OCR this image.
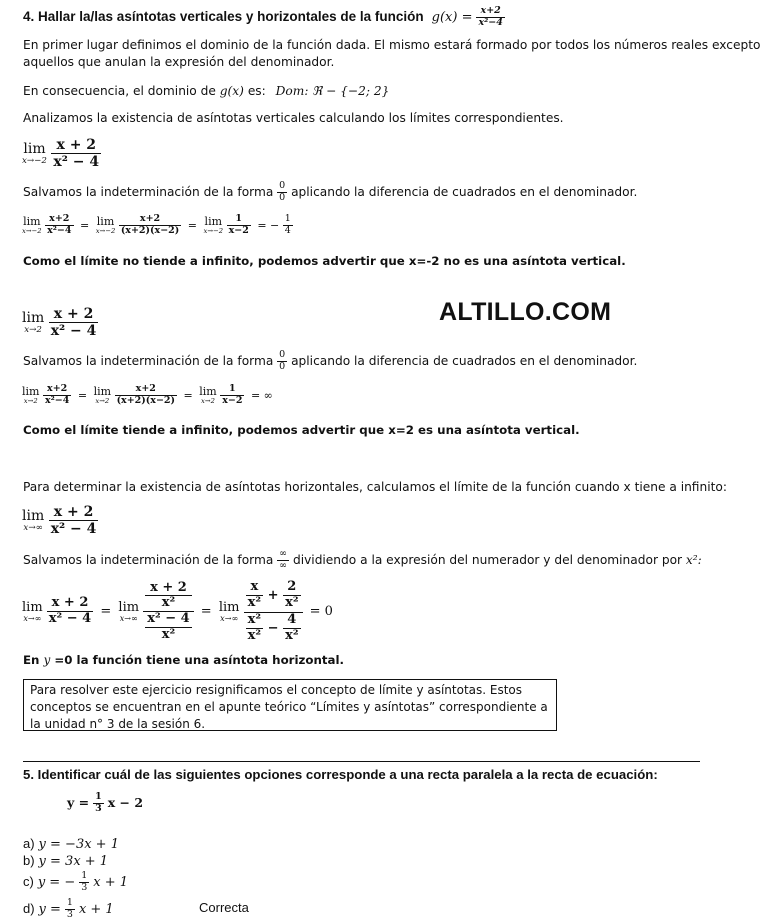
4. Hallar la/las asíntotas verticales y horizontales de la función $g(x) = \frac{x+2}{\text{x²−4}}$
En primer lugar definimos el dominio de la función dada. El mismo estará formado por todos los números reales excepto
aquellos que anulan la expresión del denominador.
En consecuencia, el dominio de g(x) es: Dom: ℜ − {−2; 2}
Analizamos la existencia de asíntotas verticales calculando los límites correspondientes.
lim
x→−2
$\frac{x + 2}{\text{x² − 4}}$
Salvamos la indeterminación de la forma $\frac{0}{0}$ aplicando la diferencia de cuadrados en el denominador.
lim
x→−2
$\frac{x+2}{\text{x²−4}} = \lim$
x→−2
$\frac{x+2}{(x+2)(x-2)} = \lim$
x→−2
$\frac{1}{x-2}$ = − $\frac{1}{4}$
Como el límite no tiende a infinito, podemos advertir que x=-2 no es una asíntota vertical.
lim
x→2
$\frac{x + 2}{\text{x² − 4}}$	ALTILLO.COM
Salvamos la indeterminación de la forma $\frac{0}{0}$ aplicando la diferencia de cuadrados en el denominador.
lim
x→2
$\frac{x+2}{\text{x²−4}} = \lim$
x→2
$\frac{x+2}{(x+2)(x-2)} = \lim$
x→2
$\frac{1}{x-2}$ = ∞
Como el límite tiende a infinito, podemos advertir que x=2 es una asíntota vertical.
Para determinar la existencia de asíntotas horizontales, calculamos el límite de la función cuando x tiene a infinito:
lim
x→∞
$\frac{x + 2}{\text{x² − 4}}$
Salvamos la indeterminación de la forma $\frac{\infty}{\infty}$ dividiendo a la expresión del numerador y del denominador por x²:
lim
x→∞
$\frac{x + 2}{\text{x² − 4}} = \lim$
x→∞
x + 2
x²
x² − 4
x² = lim
x→∞
$\frac{\frac{x}{\text{x²}} + \frac{2}{\text{x²}}}{\frac{\text{x²}}{\text{x²}} - \frac{4}{\text{x²}}} = 0$
En y =0 la función tiene una asíntota horizontal.
Para resolver este ejercicio resignificamos el concepto de límite y asíntotas. Estos conceptos se encuentran en el apunte teórico “Límites y asíntotas” correspondiente a la unidad n° 3 de la sesión 6.
5. Identificar cuál de las siguientes opciones corresponde a una recta paralela a la recta de ecuación:
$y = \frac{1}{3}$ x − 2
a) y = −3x + 1
b) y = 3x + 1
c) y = − $\frac{1}{3}$ x + 1
d) $y = \frac{1}{3}$ x + 1	Correcta
